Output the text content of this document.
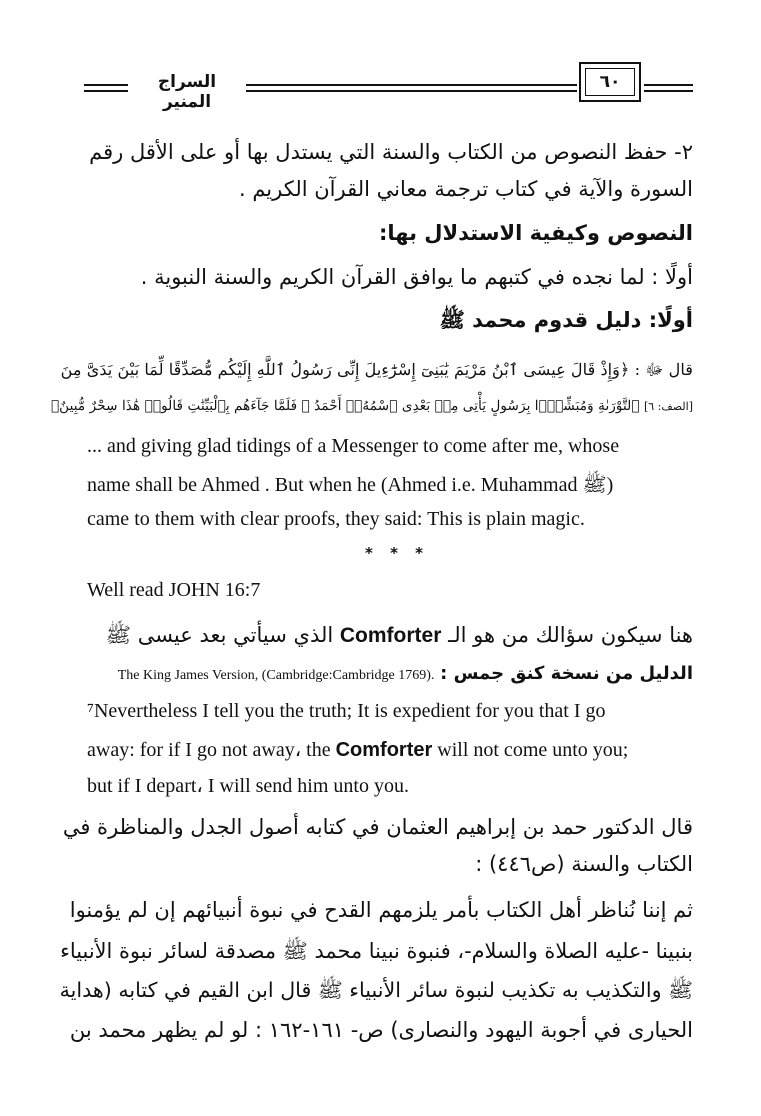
السراج المنير
٦٠
٢- حفظ النصوص من الكتاب والسنة التي يستدل بها أو على الأقل رقم
السورة والآية في كتاب ترجمة معاني القرآن الكريم .
النصوص وكيفية الاستدلال بها:
أولًا : لما نجده في كتبهم ما يوافق القرآن الكريم والسنة النبوية .
أولًا: دليل قدوم محمد ﷺ
قال ﷻ : ﴿وَإِذْ قَالَ عِيسَى ٱبْنُ مَرْيَمَ يَٰبَنِىٓ إِسْرَٰٓءِيلَ إِنِّى رَسُولُ ٱللَّهِ إِلَيْكُم مُّصَدِّقًا لِّمَا بَيْنَ يَدَىَّ مِنَ
[الصف: ٦] ٱلتَّوْرَىٰةِ وَمُبَشِّرًۢا بِرَسُولٍ يَأْتِى مِنۢ بَعْدِى ٱسْمُهُۥٓ أَحْمَدُ ۖ فَلَمَّا جَآءَهُم بِٱلْبَيِّنَٰتِ قَالُوا۟ هَٰذَا سِحْرٌ مُّبِينٌ﴾
... and giving glad tidings of a Messenger to come after me, whose
name shall be Ahmed . But when he (Ahmed i.e. Muhammad ﷺ)
came to them with clear proofs, they said: This is plain magic.
* * *
Well read JOHN 16:7
هنا سيكون سؤالك من هو الـ Comforter الذي سيأتي بعد عيسى ﷺ
الدليل من نسخة كنق جمس : The King James Version, (Cambridge:Cambridge 1769).
⁷Nevertheless I tell you the truth; It is expedient for you that I go
away: for if I go not away، the Comforter will not come unto you;
but if I depart، I will send him unto you.
قال الدكتور حمد بن إبراهيم العثمان في كتابه أصول الجدل والمناظرة في
الكتاب والسنة (ص٤٤٦) :
ثم إننا نُناظر أهل الكتاب بأمر يلزمهم القدح في نبوة أنبيائهم إن لم يؤمنوا
بنبينا -عليه الصلاة والسلام-، فنبوة نبينا محمد ﷺ مصدقة لسائر نبوة الأنبياء
ﷺ والتكذيب به تكذيب لنبوة سائر الأنبياء ﷺ قال ابن القيم في كتابه (هداية
الحيارى في أجوبة اليهود والنصارى) ص- ١٦١-١٦٢ : لو لم يظهر محمد بن
